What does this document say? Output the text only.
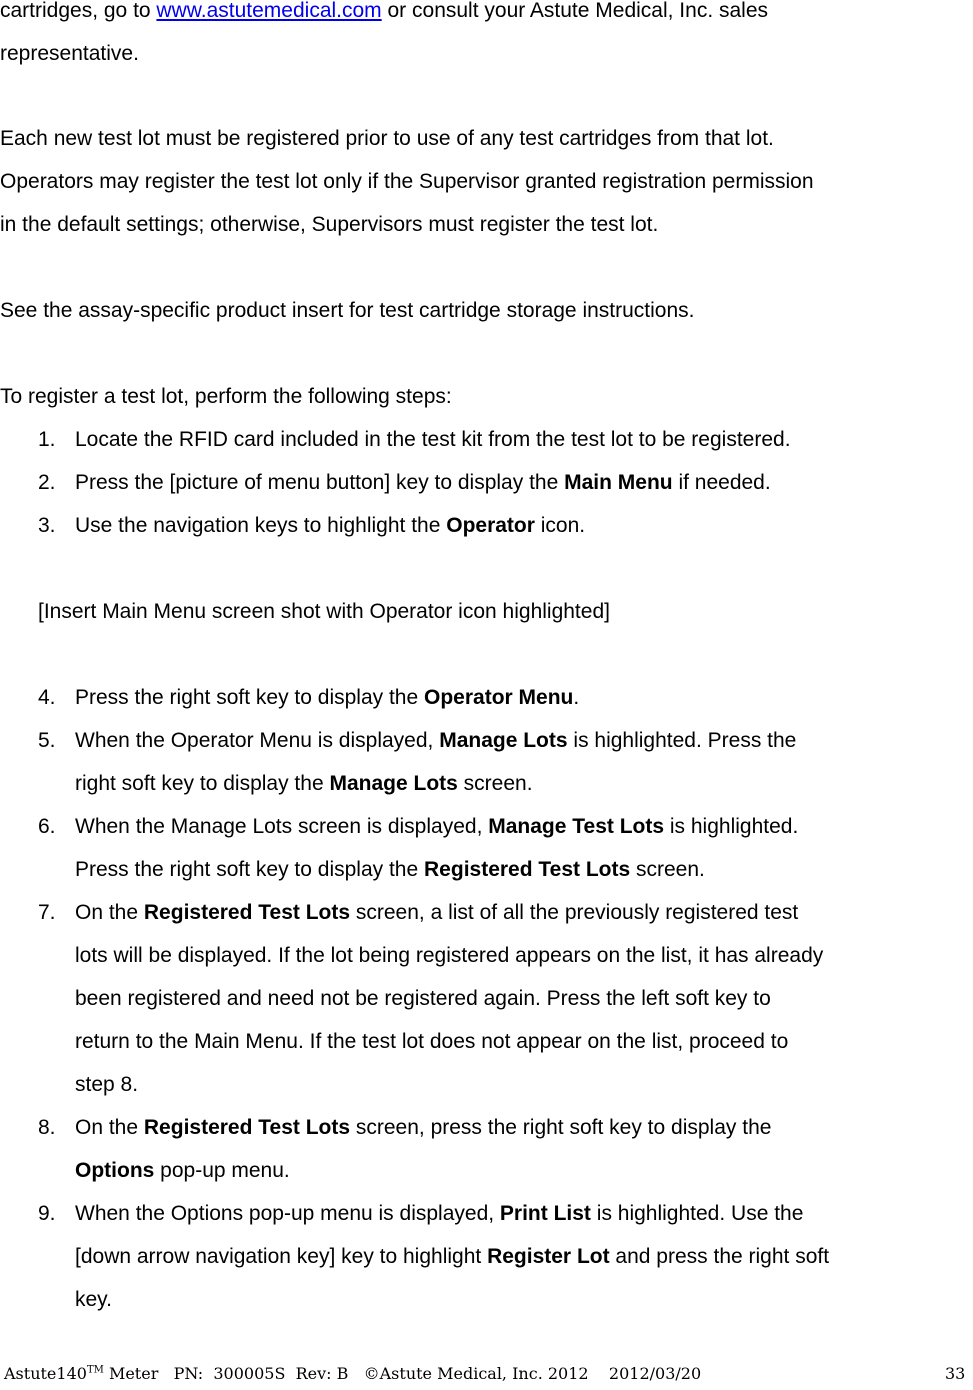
cartridges, go to www.astutemedical.com or consult your Astute Medical, Inc. sales
representative.
Each new test lot must be registered prior to use of any test cartridges from that lot.
Operators may register the test lot only if the Supervisor granted registration permission
in the default settings; otherwise, Supervisors must register the test lot.
See the assay-specific product insert for test cartridge storage instructions.
To register a test lot, perform the following steps:
1. Locate the RFID card included in the test kit from the test lot to be registered.
2. Press the [picture of menu button] key to display the Main Menu if needed.
3. Use the navigation keys to highlight the Operator icon.
[Insert Main Menu screen shot with Operator icon highlighted]
4. Press the right soft key to display the Operator Menu.
5. When the Operator Menu is displayed, Manage Lots is highlighted. Press the
right soft key to display the Manage Lots screen.
6. When the Manage Lots screen is displayed, Manage Test Lots is highlighted.
Press the right soft key to display the Registered Test Lots screen.
7. On the Registered Test Lots screen, a list of all the previously registered test
lots will be displayed. If the lot being registered appears on the list, it has already
been registered and need not be registered again. Press the left soft key to
return to the Main Menu. If the test lot does not appear on the list, proceed to
step 8.
8. On the Registered Test Lots screen, press the right soft key to display the
Options pop-up menu.
9. When the Options pop-up menu is displayed, Print List is highlighted. Use the
[down arrow navigation key] key to highlight Register Lot and press the right soft
key.
Astute140™ Meter   PN:  300005S  Rev: B   ©Astute Medical, Inc. 2012    2012/03/20	33
